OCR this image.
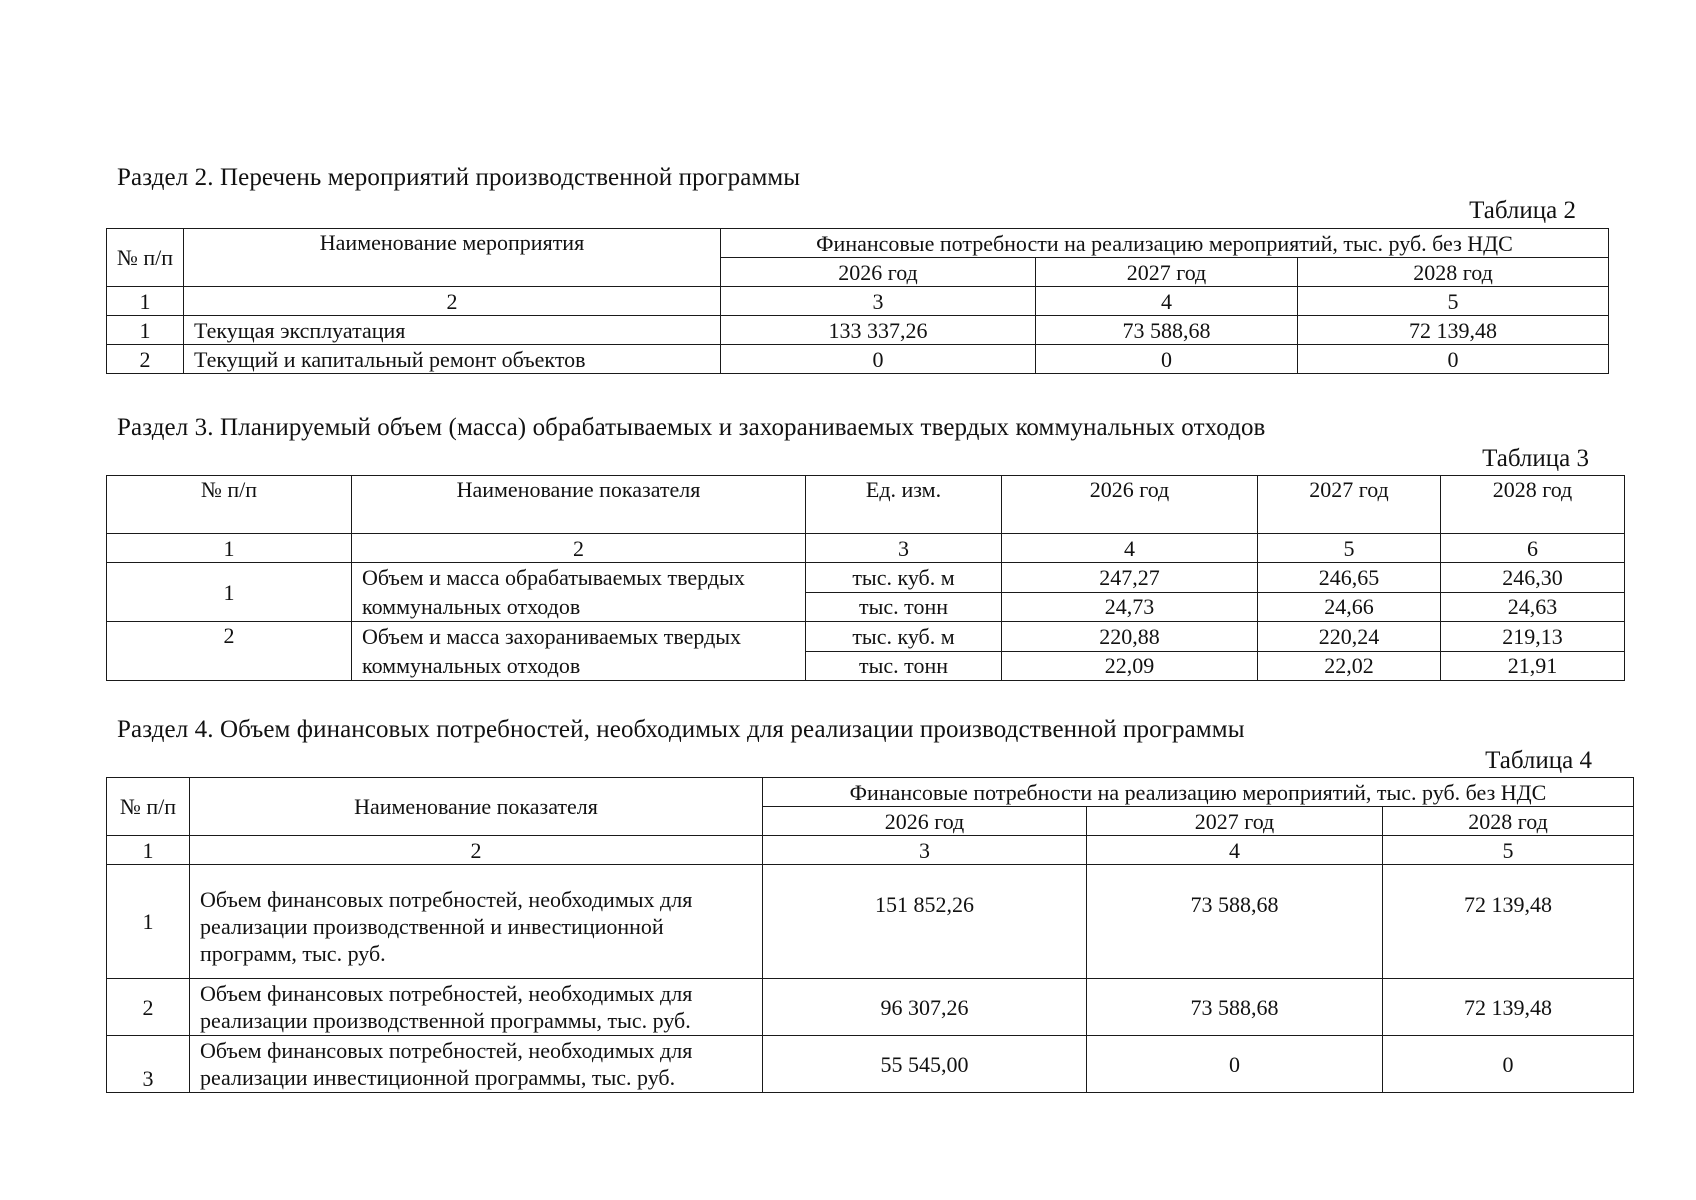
Раздел 2. Перечень мероприятий производственной программы
Таблица 2
№ п/п	Наименование мероприятия	Финансовые потребности на реализацию мероприятий, тыс. руб. без НДС		
		2026 год	2027 год	2028 год
1	2	3	4	5
1	Текущая эксплуатация	133 337,26	73 588,68	72 139,48
2	Текущий и капитальный ремонт объектов	0	0	0
Раздел 3. Планируемый объем (масса) обрабатываемых и захораниваемых твердых коммунальных отходов
Таблица 3
№ п/п	Наименование показателя	Ед. изм.	2026 год	2027 год	2028 год
1	2	3	4	5	6
1	Объем и масса обрабатываемых твердых коммунальных отходов	тыс. куб. м	247,27	246,65	246,30
		тыс. тонн	24,73	24,66	24,63
2	Объем и масса захораниваемых твердых коммунальных отходов	тыс. куб. м	220,88	220,24	219,13
		тыс. тонн	22,09	22,02	21,91
Раздел 4. Объем финансовых потребностей, необходимых для реализации производственной программы
Таблица 4
№ п/п	Наименование показателя	Финансовые потребности на реализацию мероприятий, тыс. руб. без НДС		
		2026 год	2027 год	2028 год
1	2	3	4	5
1	Объем финансовых потребностей, необходимых для реализации производственной и инвестиционной программ, тыс. руб.	151 852,26	73 588,68	72 139,48
2	Объем финансовых потребностей, необходимых для реализации производственной программы, тыс. руб.	96 307,26	73 588,68	72 139,48
3	Объем финансовых потребностей, необходимых для реализации инвестиционной программы, тыс. руб.	55 545,00	0	0
